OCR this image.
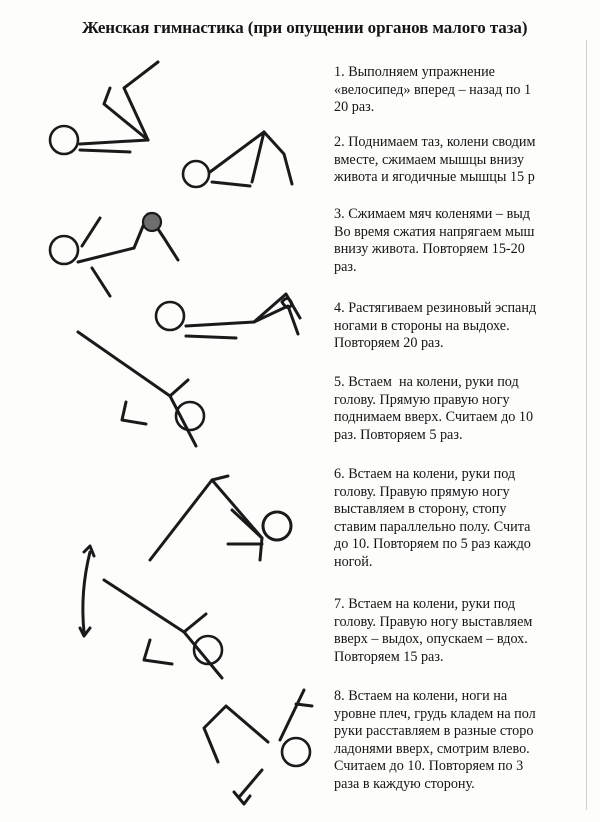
Женская гимнастика (при опущении органов малого таза)

1. Выполняем упражнение
«велосипед» вперед – назад по 1
20 раз.

2. Поднимаем таз, колени сводим
вместе, сжимаем мышцы внизу
живота и ягодичные мышцы 15 р

3. Сжимаем мяч коленями – выд
Во время сжатия напрягаем мыш
внизу живота. Повторяем 15-20
раз.

4. Растягиваем резиновый эспанд
ногами в стороны на выдохе.
Повторяем 20 раз.

5. Встаем  на колени, руки под
голову. Прямую правую ногу
поднимаем вверх. Считаем до 10
раз. Повторяем 5 раз.

6. Встаем на колени, руки под
голову. Правую прямую ногу
выставляем в сторону, стопу
ставим параллельно полу. Счита
до 10. Повторяем по 5 раз каждо
ногой.

7. Встаем на колени, руки под
голову. Правую ногу выставляем
вверх – выдох, опускаем – вдох.
Повторяем 15 раз.

8. Встаем на колени, ноги на
уровне плеч, грудь кладем на пол
руки расставляем в разные сторо
ладонями вверх, смотрим влево.
Считаем до 10. Повторяем по 3
раза в каждую сторону.
